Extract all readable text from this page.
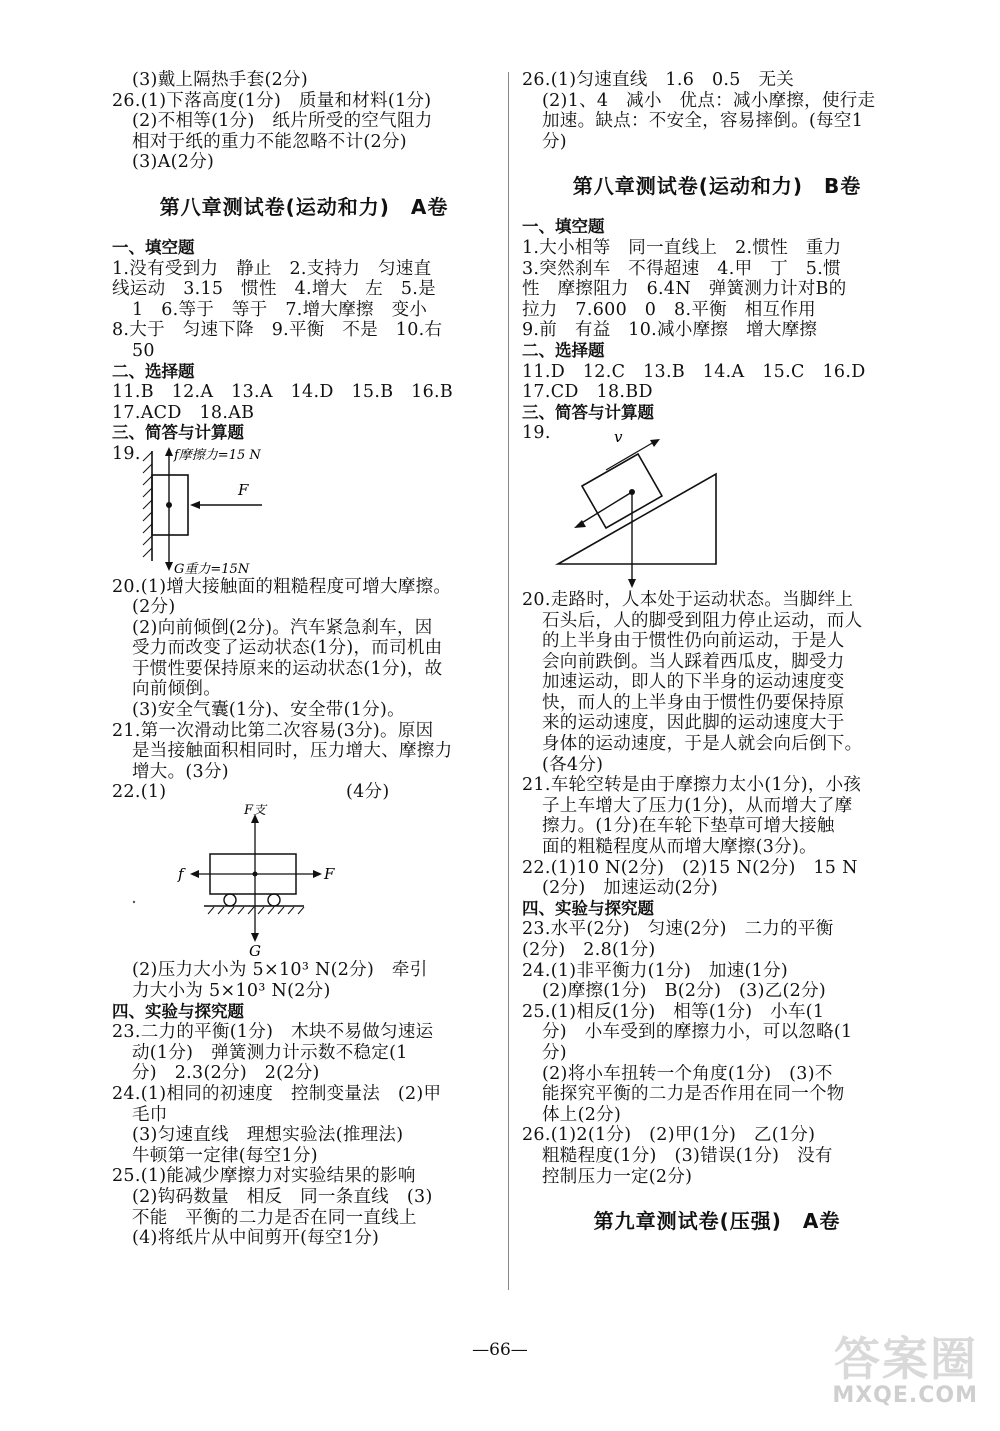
(3)戴上隔热手套(2分)
26.(1)下落高度(1分)　质量和材料(1分)
(2)不相等(1分)　纸片所受的空气阻力
相对于纸的重力不能忽略不计(2分)
(3)A(2分)
第八章测试卷(运动和力)　A卷
一、填空题
1.没有受到力　静止　2.支持力　匀速直
线运动　3.15　惯性　4.增大　左　5.是
1　6.等于　等于　7.增大摩擦　变小
8.大于　匀速下降　9.平衡　不是　10.右
50
二、选择题
11.B　12.A　13.A　14.D　15.B　16.B
17.ACD　18.AB
三、简答与计算题
19.	f摩擦力=15 N
F
G重力=15N
20.(1)增大接触面的粗糙程度可增大摩擦。
(2分)
(2)向前倾倒(2分)。汽车紧急刹车，因
受力而改变了运动状态(1分)，而司机由
于惯性要保持原来的运动状态(1分)，故
向前倾倒。
(3)安全气囊(1分)、安全带(1分)。
21.第一次滑动比第二次容易(3分)。原因
是当接触面积相同时，压力增大、摩擦力
增大。(3分)
22.(1)	(4分)
F支
f	F
G
(2)压力大小为 5×10³ N(2分)　牵引
力大小为 5×10³ N(2分)
四、实验与探究题
23.二力的平衡(1分)　木块不易做匀速运
动(1分)　弹簧测力计示数不稳定(1
分)　2.3(2分)　2(2分)
24.(1)相同的初速度　控制变量法　(2)甲
毛巾
(3)匀速直线　理想实验法(推理法)
牛顿第一定律(每空1分)
25.(1)能减少摩擦力对实验结果的影响
(2)钩码数量　相反　同一条直线　(3)
不能　平衡的二力是否在同一直线上
(4)将纸片从中间剪开(每空1分)
26.(1)匀速直线　1.6　0.5　无关
(2)1、4　减小　优点：减小摩擦，使行走
加速。缺点：不安全，容易摔倒。(每空1
分)
第八章测试卷(运动和力)　B卷
一、填空题
1.大小相等　同一直线上　2.惯性　重力
3.突然刹车　不得超速　4.甲　丁　5.惯
性　摩擦阻力　6.4N　弹簧测力计对B的
拉力　7.600　0　8.平衡　相互作用
9.前　有益　10.减小摩擦　增大摩擦
二、选择题
11.D　12.C　13.B　14.A　15.C　16.D
17.CD　18.BD
三、简答与计算题
19.	v
20.走路时，人本处于运动状态。当脚绊上
石头后，人的脚受到阻力停止运动，而人
的上半身由于惯性仍向前运动，于是人
会向前跌倒。当人踩着西瓜皮，脚受力
加速运动，即人的下半身的运动速度变
快，而人的上半身由于惯性仍要保持原
来的运动速度，因此脚的运动速度大于
身体的运动速度，于是人就会向后倒下。
(各4分)
21.车轮空转是由于摩擦力太小(1分)，小孩
子上车增大了压力(1分)，从而增大了摩
擦力。(1分)在车轮下垫草可增大接触
面的粗糙程度从而增大摩擦(3分)。
22.(1)10 N(2分)　(2)15 N(2分)　15 N
(2分)　加速运动(2分)
四、实验与探究题
23.水平(2分)　匀速(2分)　二力的平衡
(2分)　2.8(1分)
24.(1)非平衡力(1分)　加速(1分)
(2)摩擦(1分)　B(2分)　(3)乙(2分)
25.(1)相反(1分)　相等(1分)　小车(1
分)　小车受到的摩擦力小，可以忽略(1
分)
(2)将小车扭转一个角度(1分)　(3)不
能探究平衡的二力是否作用在同一个物
体上(2分)
26.(1)2(1分)　(2)甲(1分)　乙(1分)
粗糙程度(1分)　(3)错误(1分)　没有
控制压力一定(2分)
第九章测试卷(压强)　A卷
—66—	答案圈
MXQE.COM
